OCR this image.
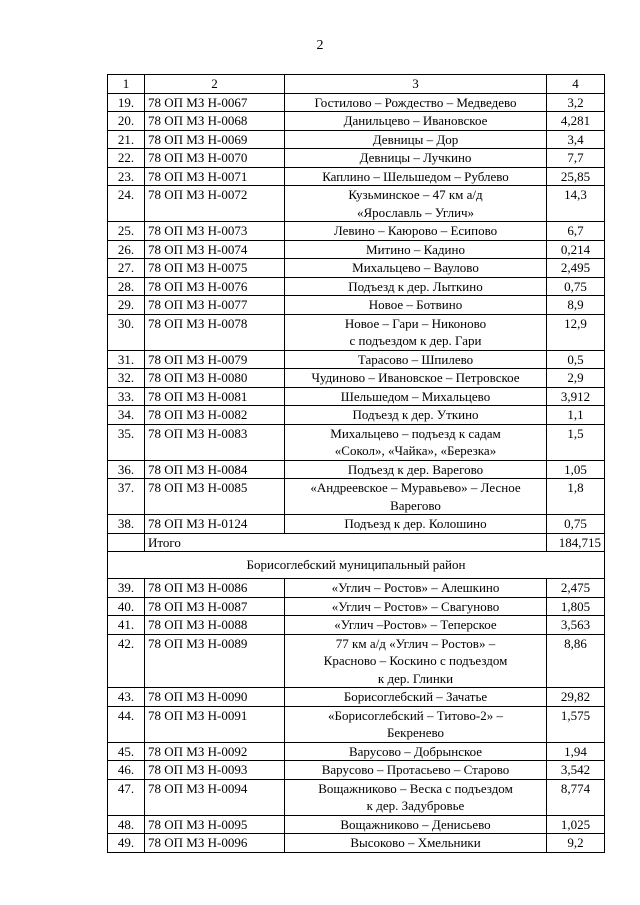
2
1	2	3	4
19.	78 ОП МЗ Н-0067	Гостилово – Рождество – Медведево	3,2
20.	78 ОП МЗ Н-0068	Данильцево – Ивановское	4,281
21.	78 ОП МЗ Н-0069	Девницы – Дор	3,4
22.	78 ОП МЗ Н-0070	Девницы – Лучкино	7,7
23.	78 ОП МЗ Н-0071	Каплино – Шельшедом – Рублево	25,85
24.	78 ОП МЗ Н-0072	Кузьминское – 47 км а/д
«Ярославль – Углич»	14,3
25.	78 ОП МЗ Н-0073	Левино – Каюрово – Есипово	6,7
26.	78 ОП МЗ Н-0074	Митино – Кадино	0,214
27.	78 ОП МЗ Н-0075	Михальцево – Ваулово	2,495
28.	78 ОП МЗ Н-0076	Подъезд к дер. Лыткино	0,75
29.	78 ОП МЗ Н-0077	Новое – Ботвино	8,9
30.	78 ОП МЗ Н-0078	Новое – Гари – Никоново
с подъездом к дер. Гари	12,9
31.	78 ОП МЗ Н-0079	Тарасово – Шпилево	0,5
32.	78 ОП МЗ Н-0080	Чудиново – Ивановское – Петровское	2,9
33.	78 ОП МЗ Н-0081	Шельшедом – Михальцево	3,912
34.	78 ОП МЗ Н-0082	Подъезд к дер. Уткино	1,1
35.	78 ОП МЗ Н-0083	Михальцево – подъезд к садам
«Сокол», «Чайка», «Березка»	1,5
36.	78 ОП МЗ Н-0084	Подъезд к дер. Варегово	1,05
37.	78 ОП МЗ Н-0085	«Андреевское – Муравьево» – Лесное
Варегово	1,8
38.	78 ОП МЗ Н-0124	Подъезд к дер. Колошино	0,75
	Итого		184,715
Борисоглебский муниципальный район			
39.	78 ОП МЗ Н-0086	«Углич – Ростов» – Алешкино	2,475
40.	78 ОП МЗ Н-0087	«Углич – Ростов» – Свагуново	1,805
41.	78 ОП МЗ Н-0088	«Углич –Ростов» – Теперское	3,563
42.	78 ОП МЗ Н-0089	77 км а/д «Углич – Ростов» –
Красново – Коскино с подъездом
к дер. Глинки	8,86
43.	78 ОП МЗ Н-0090	Борисоглебский – Зачатье	29,82
44.	78 ОП МЗ Н-0091	«Борисоглебский – Титово-2» –
Бекренево	1,575
45.	78 ОП МЗ Н-0092	Варусово – Добрынское	1,94
46.	78 ОП МЗ Н-0093	Варусово – Протасьево – Старово	3,542
47.	78 ОП МЗ Н-0094	Вощажниково – Веска с подъездом
к дер. Задубровье	8,774
48.	78 ОП МЗ Н-0095	Вощажниково – Денисьево	1,025
49.	78 ОП МЗ Н-0096	Высоково – Хмельники	9,2
